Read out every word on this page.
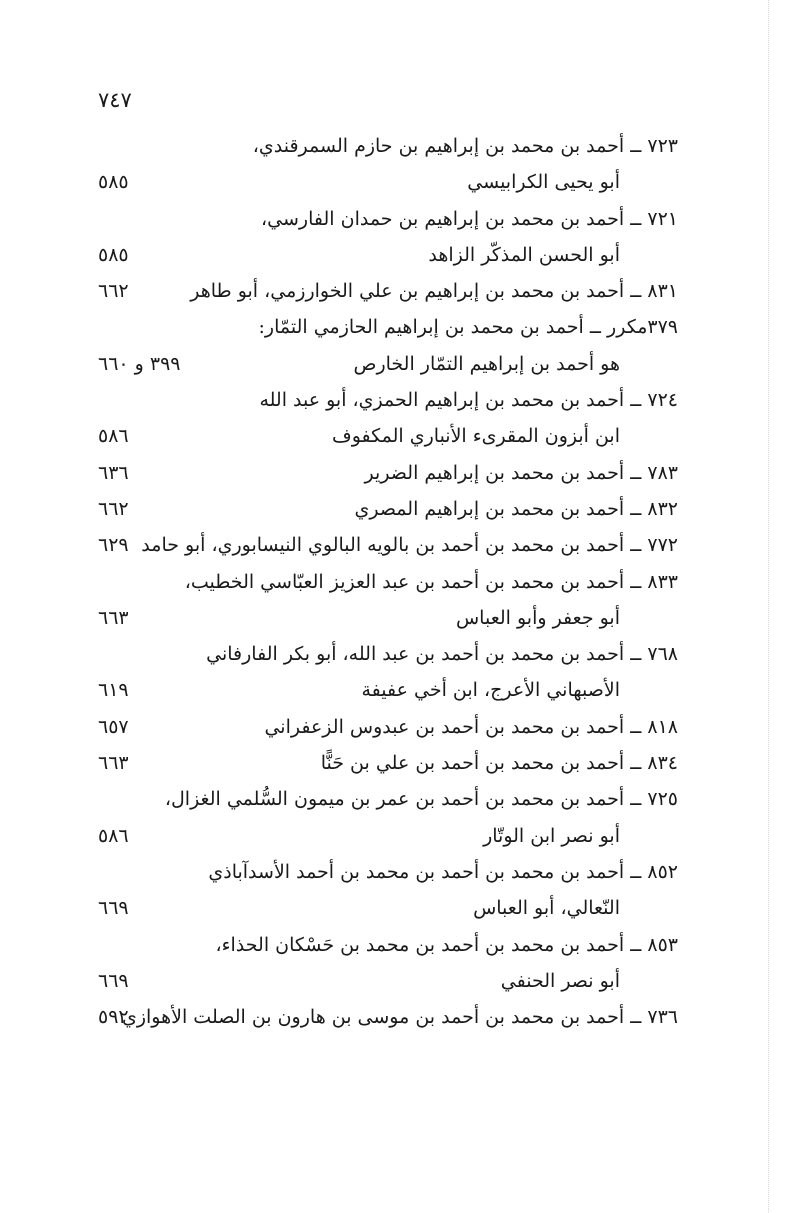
٧٤٧
٧٢٣ ــ أحمد بن محمد بن إبراهيم بن حازم السمرقندي،
أبو يحيى الكرابيسي
٥٨٥
٧٢١ ــ أحمد بن محمد بن إبراهيم بن حمدان الفارسي،
أبو الحسن المذكّر الزاهد
٥٨٥
٨٣١ ــ أحمد بن محمد بن إبراهيم بن علي الخوارزمي، أبو طاهر
٦٦٢
٣٧٩مكرر ــ أحمد بن محمد بن إبراهيم الحازمي التمّار:
هو أحمد بن إبراهيم التمّار الخارص
٣٩٩ و ٦٦٠
٧٢٤ ــ أحمد بن محمد بن إبراهيم الحمزي، أبو عبد الله
ابن أبزون المقرىء الأنباري المكفوف
٥٨٦
٧٨٣ ــ أحمد بن محمد بن إبراهيم الضرير
٦٣٦
٨٣٢ ــ أحمد بن محمد بن إبراهيم المصري
٦٦٢
٧٧٢ ــ أحمد بن محمد بن أحمد بن بالويه البالوي النيسابوري، أبو حامد
٦٢٩
٨٣٣ ــ أحمد بن محمد بن أحمد بن عبد العزيز العبّاسي الخطيب،
أبو جعفر وأبو العباس
٦٦٣
٧٦٨ ــ أحمد بن محمد بن أحمد بن عبد الله، أبو بكر الفارفاني
الأصبهاني الأعرج، ابن أخي عفيفة
٦١٩
٨١٨ ــ أحمد بن محمد بن أحمد بن عبدوس الزعفراني
٦٥٧
٨٣٤ ــ أحمد بن محمد بن أحمد بن علي بن حَنًّا
٦٦٣
٧٢٥ ــ أحمد بن محمد بن أحمد بن عمر بن ميمون السُّلمي الغزال،
أبو نصر ابن الوتّار
٥٨٦
٨٥٢ ــ أحمد بن محمد بن أحمد بن محمد بن أحمد الأسدآباذي
النّعالي، أبو العباس
٦٦٩
٨٥٣ ــ أحمد بن محمد بن أحمد بن محمد بن حَسْكان الحذاء،
أبو نصر الحنفي
٦٦٩
٧٣٦ ــ أحمد بن محمد بن أحمد بن موسى بن هارون بن الصلت الأهوازي
٥٩٢
